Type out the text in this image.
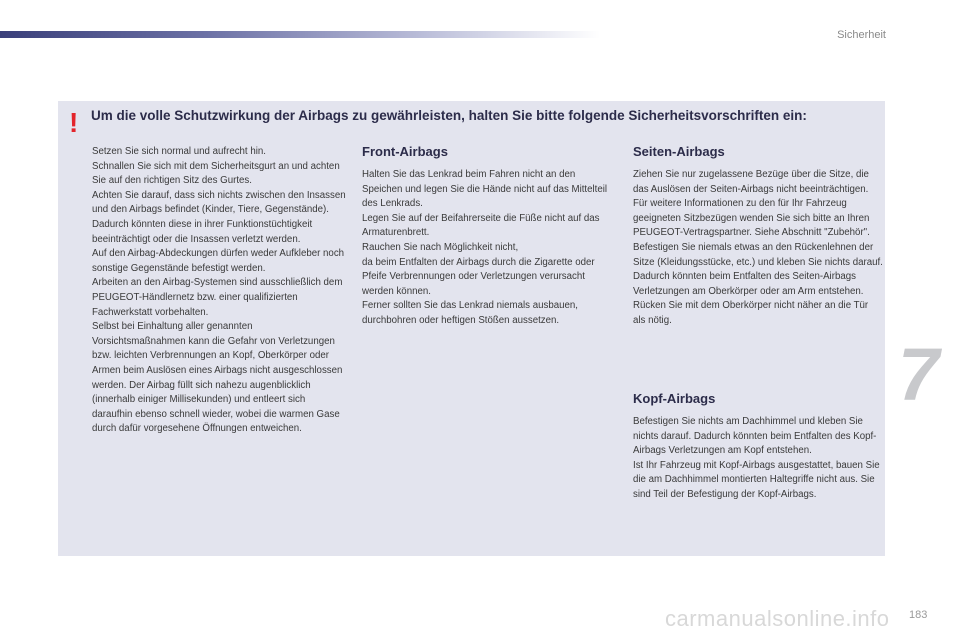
Sicherheit
7
! Um die volle Schutzwirkung der Airbags zu gewährleisten, halten Sie bitte folgende Sicherheitsvorschriften ein:
Setzen Sie sich normal und aufrecht hin.
Schnallen Sie sich mit dem Sicherheitsgurt an und achten Sie auf den richtigen Sitz des Gurtes.
Achten Sie darauf, dass sich nichts zwischen den Insassen und den Airbags befindet (Kinder, Tiere, Gegenstände). Dadurch könnten diese in ihrer Funktionstüchtigkeit beeinträchtigt oder die Insassen verletzt werden.
Auf den Airbag-Abdeckungen dürfen weder Aufkleber noch sonstige Gegenstände befestigt werden.
Arbeiten an den Airbag-Systemen sind ausschließlich dem PEUGEOT-Händlernetz bzw. einer qualifizierten Fachwerkstatt vorbehalten.
Selbst bei Einhaltung aller genannten Vorsichtsmaßnahmen kann die Gefahr von Verletzungen bzw. leichten Verbrennungen an Kopf, Oberkörper oder Armen beim Auslösen eines Airbags nicht ausgeschlossen werden. Der Airbag füllt sich nahezu augenblicklich (innerhalb einiger Millisekunden) und entleert sich daraufhin ebenso schnell wieder, wobei die warmen Gase durch dafür vorgesehene Öffnungen entweichen.
Front-Airbags
Halten Sie das Lenkrad beim Fahren nicht an den Speichen und legen Sie die Hände nicht auf das Mittelteil des Lenkrads.
Legen Sie auf der Beifahrerseite die Füße nicht auf das Armaturenbrett.
Rauchen Sie nach Möglichkeit nicht,
da beim Entfalten der Airbags durch die Zigarette oder Pfeife Verbrennungen oder Verletzungen verursacht werden können.
Ferner sollten Sie das Lenkrad niemals ausbauen, durchbohren oder heftigen Stößen aussetzen.
Seiten-Airbags
Ziehen Sie nur zugelassene Bezüge über die Sitze, die das Auslösen der Seiten-Airbags nicht beeinträchtigen. Für weitere Informationen zu den für Ihr Fahrzeug geeigneten Sitzbezügen wenden Sie sich bitte an Ihren PEUGEOT-Vertragspartner. Siehe Abschnitt "Zubehör".
Befestigen Sie niemals etwas an den Rückenlehnen der Sitze (Kleidungsstücke, etc.) und kleben Sie nichts darauf. Dadurch könnten beim Entfalten des Seiten-Airbags Verletzungen am Oberkörper oder am Arm entstehen.
Rücken Sie mit dem Oberkörper nicht näher an die Tür als nötig.
Kopf-Airbags
Befestigen Sie nichts am Dachhimmel und kleben Sie nichts darauf. Dadurch könnten beim Entfalten des Kopf-Airbags Verletzungen am Kopf entstehen.
Ist Ihr Fahrzeug mit Kopf-Airbags ausgestattet, bauen Sie die am Dachhimmel montierten Haltegriffe nicht aus. Sie sind Teil der Befestigung der Kopf-Airbags.
carmanualsonline.info 183
